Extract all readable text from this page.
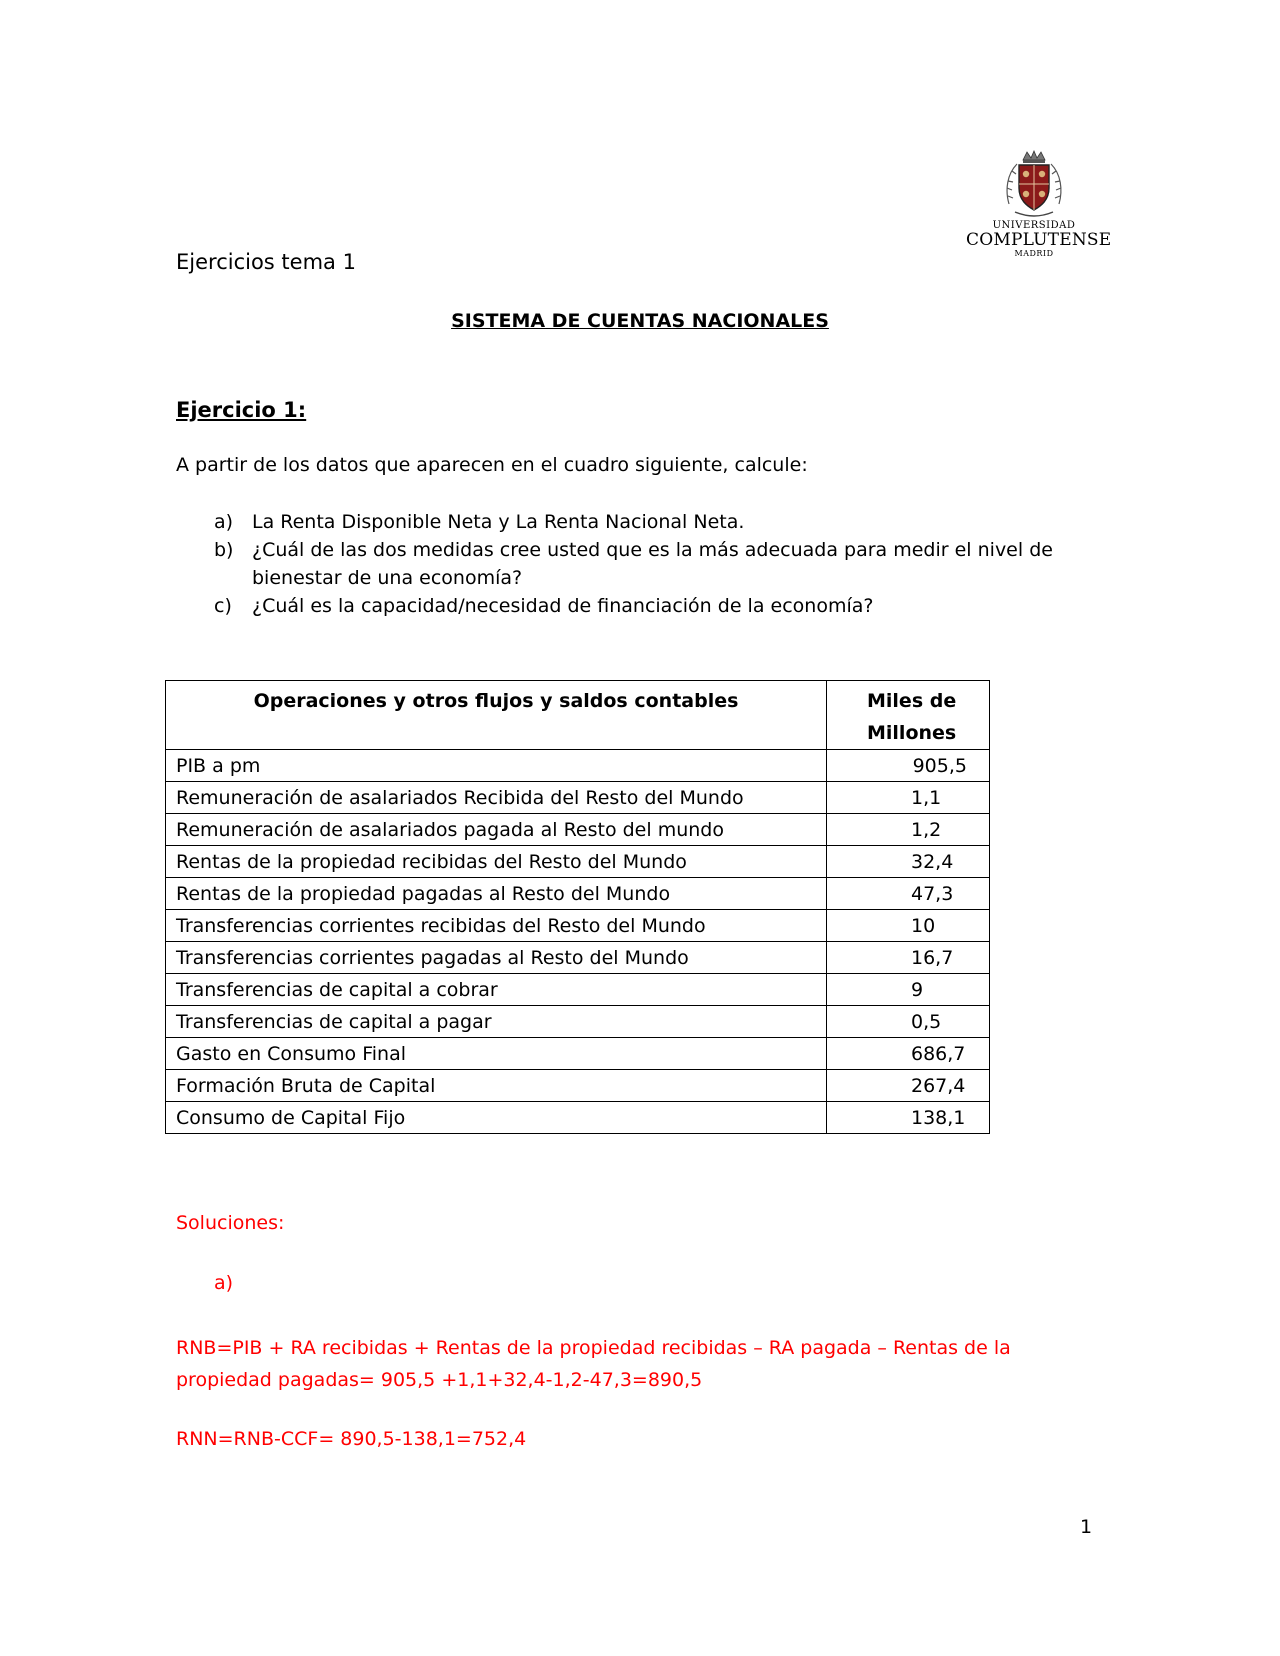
UNIVERSIDAD
COMPLUTENSE
MADRID
Ejercicios tema 1
SISTEMA DE CUENTAS NACIONALES
Ejercicio 1:
A partir de los datos que aparecen en el cuadro siguiente, calcule:
a) La Renta Disponible Neta y La Renta Nacional Neta.
b) ¿Cuál de las dos medidas cree usted que es la más adecuada para medir el nivel de bienestar de una economía?
c)	¿Cuál es la capacidad/necesidad de financiación de la economía?
Operaciones y otros flujos y saldos contables	Miles de
Millones
PIB a pm	905,5
Remuneración de asalariados Recibida del Resto del Mundo	1,1
Remuneración de asalariados pagada al Resto del mundo	1,2
Rentas de la propiedad recibidas del Resto del Mundo	32,4
Rentas de la propiedad pagadas al Resto del Mundo	47,3
Transferencias corrientes recibidas del Resto del Mundo	10
Transferencias corrientes pagadas al Resto del Mundo	16,7
Transferencias de capital a cobrar	9
Transferencias de capital a pagar	0,5
Gasto en Consumo Final	686,7
Formación Bruta de Capital	267,4
Consumo de Capital Fijo	138,1
Soluciones:
a)
RNB=PIB + RA recibidas + Rentas de la propiedad recibidas – RA pagada – Rentas de la propiedad pagadas= 905,5 +1,1+32,4-1,2-47,3=890,5
RNN=RNB-CCF= 890,5-138,1=752,4
1
